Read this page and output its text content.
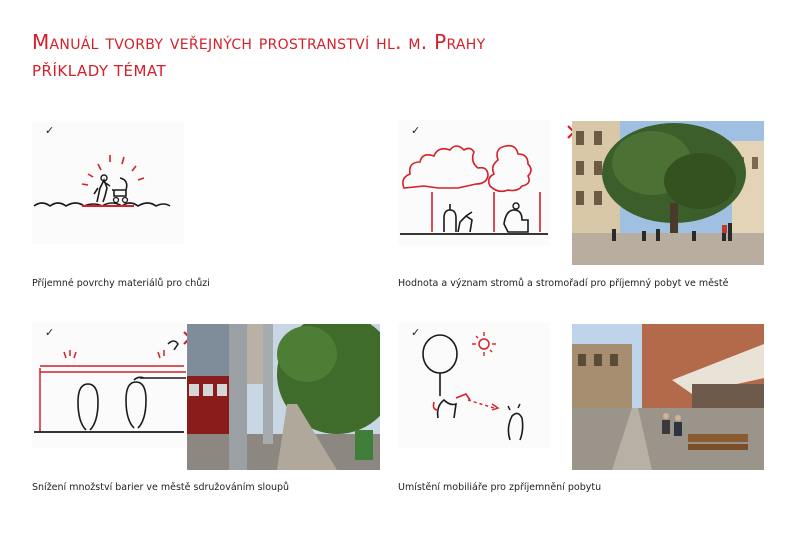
Manuál tvorby veřejných prostranství hl. m. Prahy
PŘÍKLADY TÉMAT
✓
Příjemné povrchy materiálů pro chůzi
✓
Hodnota a význam stromů a stromořadí pro příjemný pobyt ve městě
✓
Snížení množství barier ve městě sdružováním sloupů
✓
Umístění mobiliáře pro zpříjemnění pobytu
